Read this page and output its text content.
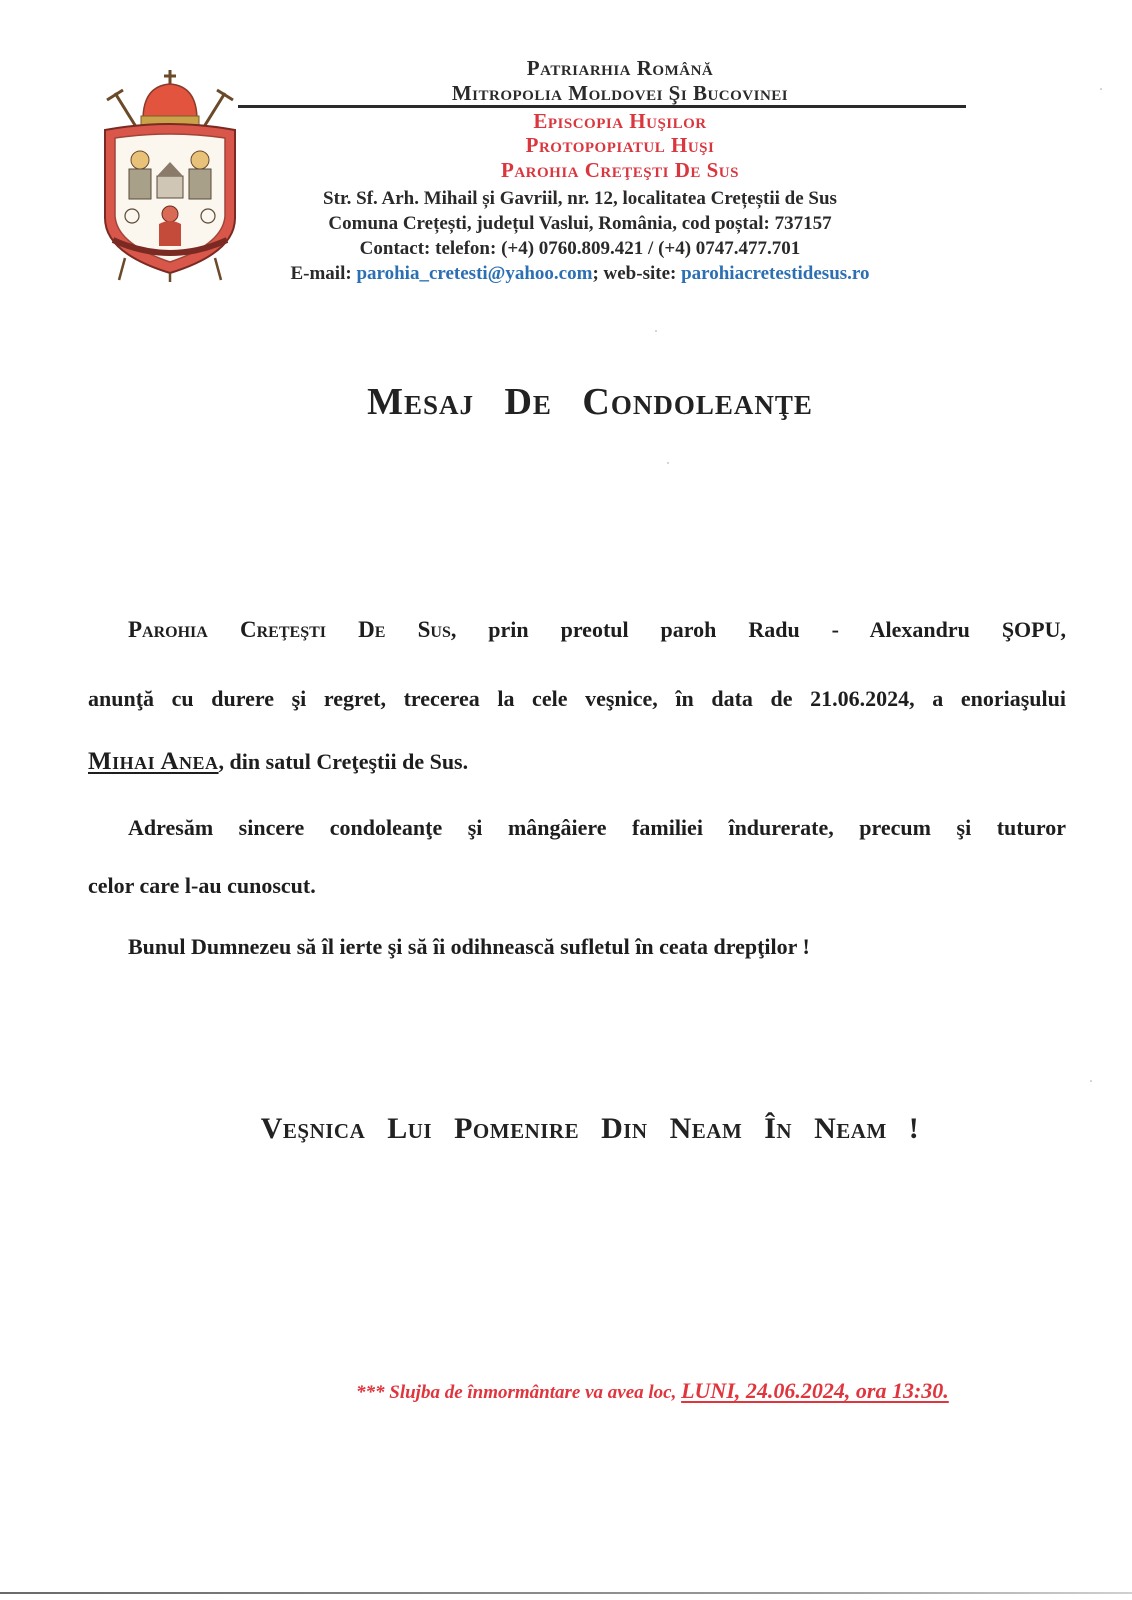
Patriarhia Română
Mitropolia Moldovei Şi Bucovinei
Episcopia Huşilor
Protopopiatul Huşi
Parohia Creţeşti De Sus
Str. Sf. Arh. Mihail și Gavriil, nr. 12, localitatea Crețeștii de Sus
Comuna Crețești, județul Vaslui, România, cod poștal: 737157
Contact: telefon: (+4) 0760.809.421 / (+4) 0747.477.701
E-mail: parohia_cretesti@yahoo.com; web-site: parohiacretestidesus.ro
Mesaj De Condoleanţe
Parohia Creţeşti De Sus, prin preotul paroh Radu - Alexandru ŞOPU,
anunţă cu durere şi regret, trecerea la cele veşnice, în data de 21.06.2024, a enoriaşului
Mihai Anea, din satul Creţeştii de Sus.
Adresăm sincere condoleanţe şi mângâiere familiei îndurerate, precum şi tuturor
celor care l-au cunoscut.
Bunul Dumnezeu să îl ierte şi să îi odihnească sufletul în ceata drepţilor !
Veşnica Lui Pomenire Din Neam În Neam !
*** Slujba de înmormântare va avea loc, LUNI, 24.06.2024, ora 13:30.
